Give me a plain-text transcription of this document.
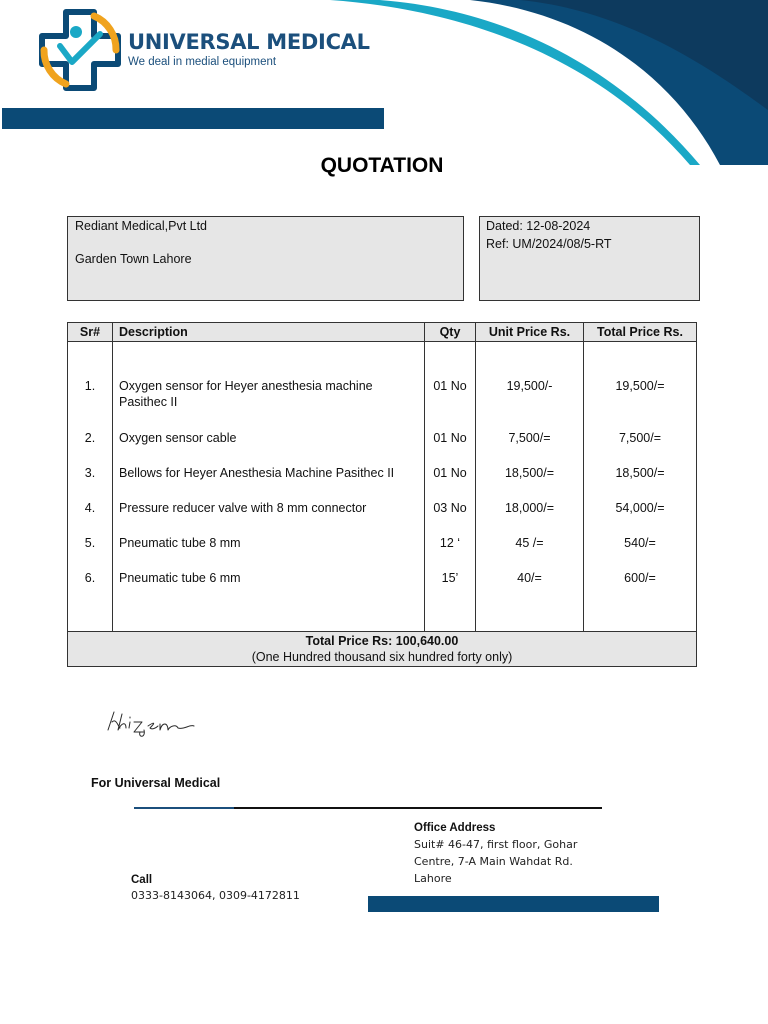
UNIVERSAL MEDICAL
We deal in medial equipment
QUOTATION

Rediant Medical,Pvt Ltd

Garden Town Lahore

Dated: 12-08-2024

Ref: UM/2024/08/5-RT

Sr#	Description	Qty	Unit Price Rs.	Total Price Rs.
1.	Oxygen sensor for Heyer anesthesia machine Pasithec II	01 No	19,500/-	19,500/=
2.	Oxygen sensor cable	01 No	7,500/=	7,500/=
3.	Bellows for Heyer Anesthesia Machine Pasithec II	01 No	18,500/=	18,500/=
4.	Pressure reducer valve with 8 mm connector	03 No	18,000/=	54,000/=
5.	Pneumatic tube 8 mm	12 ‘	45 /=	540/=
6.	Pneumatic tube 6 mm	15’	40/=	600/=

Total Price Rs: 100,640.00
(One Hundred thousand six hundred forty only)				
For Universal Medical
Office Address
Suit# 46-47, first floor, Gohar
Centre, 7-A Main Wahdat Rd.
Lahore
Call
0333-8143064, 0309-4172811
